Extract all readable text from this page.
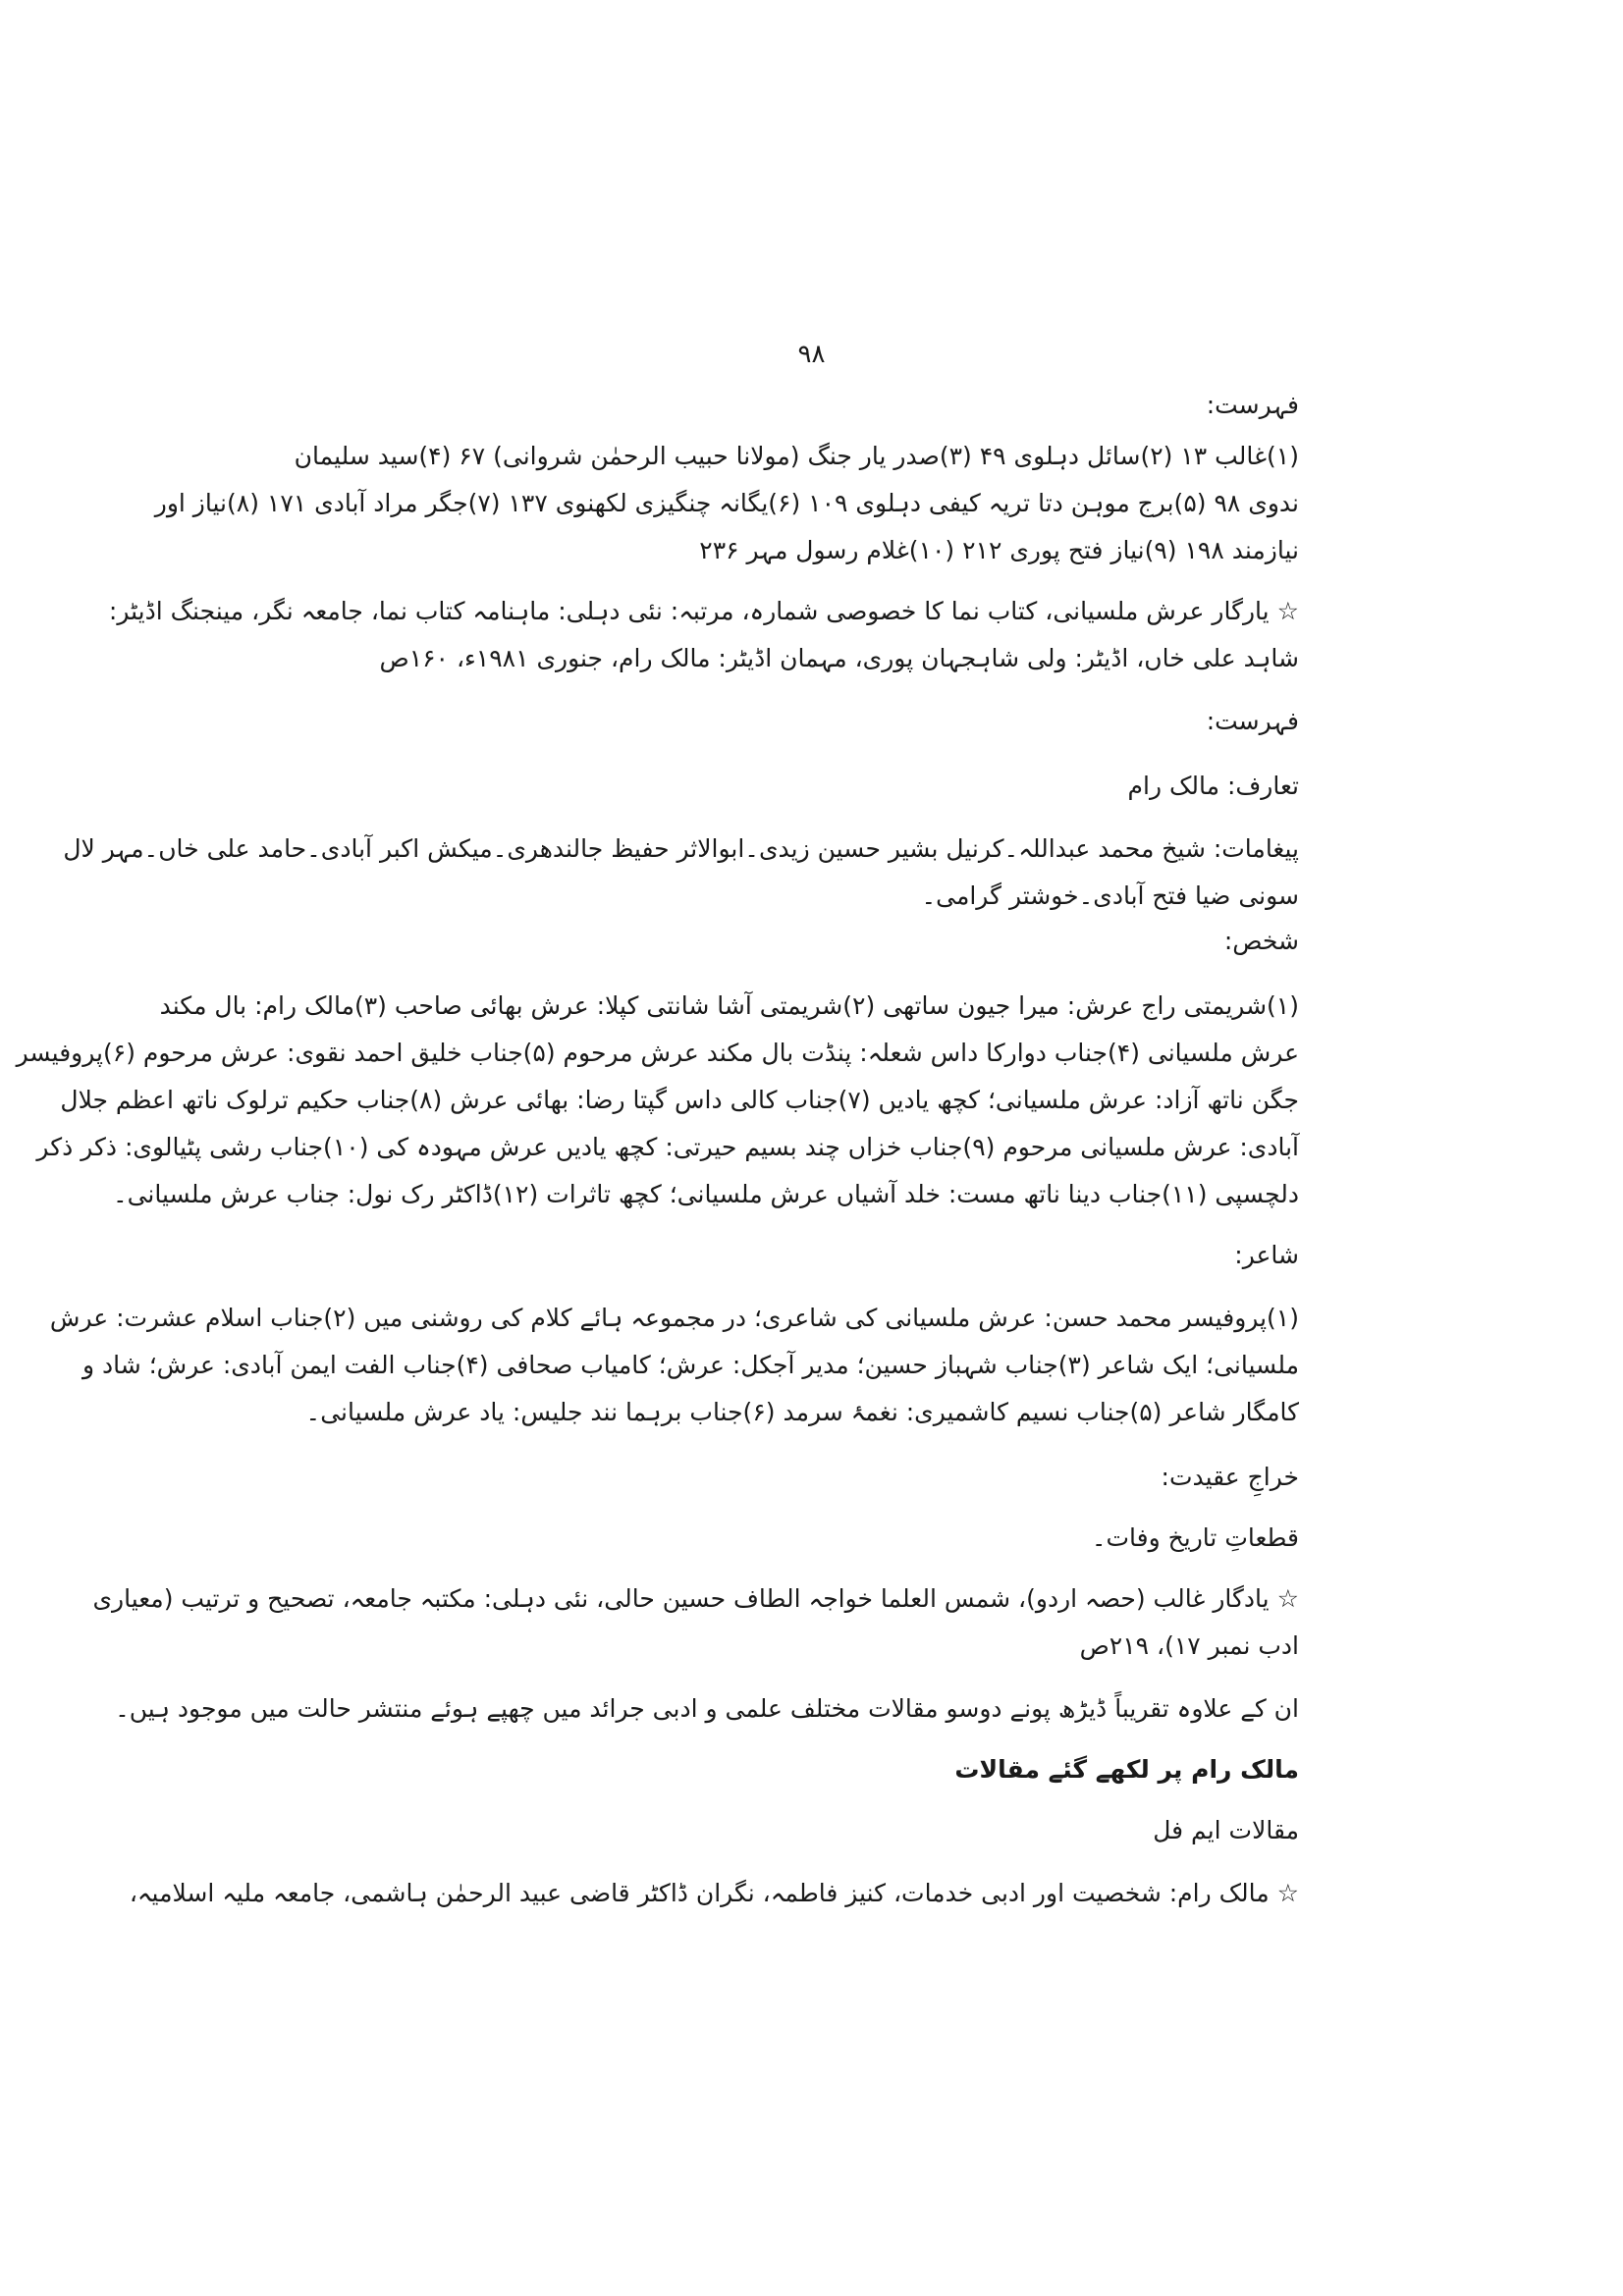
۹۸
فہرست:
(۱)غالب ۱۳ (۲)سائل دہلوی ۴۹ (۳)صدر یار جنگ (مولانا حبیب الرحمٰن شروانی) ۶۷ (۴)سید سلیمان
ندوی ۹۸ (۵)برج موہن دتا تریہ کیفی دہلوی ۱۰۹ (۶)یگانہ چنگیزی لکھنوی ۱۳۷ (۷)جگر مراد آبادی ۱۷۱ (۸)نیاز اور
نیازمند ۱۹۸ (۹)نیاز فتح پوری ۲۱۲ (۱۰)غلام رسول مہر ۲۳۶
☆ یارگار عرش ملسیانی، کتاب نما کا خصوصی شمارہ، مرتبہ: نئی دہلی: ماہنامہ کتاب نما، جامعہ نگر، مینجنگ اڈیٹر:
شاہد علی خاں، اڈیٹر: ولی شاہجہان پوری، مہمان اڈیٹر: مالک رام، جنوری ۱۹۸۱ء، ۱۶۰ص
فہرست:
تعارف: مالک رام
پیغامات: شیخ محمد عبداللہ۔کرنیل بشیر حسین زیدی۔ابوالاثر حفیظ جالندھری۔میکش اکبر آبادی۔حامد علی خاں۔مہر لال
سونی ضیا فتح آبادی۔خوشتر گرامی۔
شخص:
(۱)شریمتی راج عرش: میرا جیون ساتھی (۲)شریمتی آشا شانتی کپلا: عرش بھائی صاحب (۳)مالک رام: بال مکند
عرش ملسیانی (۴)جناب دوارکا داس شعلہ: پنڈت بال مکند عرش مرحوم (۵)جناب خلیق احمد نقوی: عرش مرحوم (۶)پروفیسر
جگن ناتھ آزاد: عرش ملسیانی؛ کچھ یادیں (۷)جناب کالی داس گپتا رضا: بھائی عرش (۸)جناب حکیم ترلوک ناتھ اعظم جلال
آبادی: عرش ملسیانی مرحوم (۹)جناب خزاں چند بسیم حیرتی: کچھ یادیں عرش مہودہ کی (۱۰)جناب رشی پٹیالوی: ذکر ذکر
دلچسپی (۱۱)جناب دینا ناتھ مست: خلد آشیاں عرش ملسیانی؛ کچھ تاثرات (۱۲)ڈاکٹر رک نول: جناب عرش ملسیانی۔
شاعر:
(۱)پروفیسر محمد حسن: عرش ملسیانی کی شاعری؛ در مجموعہ ہائے کلام کی روشنی میں (۲)جناب اسلام عشرت: عرش
ملسیانی؛ ایک شاعر (۳)جناب شہباز حسین؛ مدیر آجکل: عرش؛ کامیاب صحافی (۴)جناب الفت ایمن آبادی: عرش؛ شاد و
کامگار شاعر (۵)جناب نسیم کاشمیری: نغمۂ سرمد (۶)جناب برہما نند جلیس: یاد عرش ملسیانی۔
خراجِ عقیدت:
قطعاتِ تاریخ وفات۔
☆ یادگار غالب (حصہ اردو)، شمس العلما خواجہ الطاف حسین حالی، نئی دہلی: مکتبہ جامعہ، تصحیح و ترتیب (معیاری
ادب نمبر ۱۷)، ۲۱۹ص
ان کے علاوہ تقریباً ڈیڑھ پونے دوسو مقالات مختلف علمی و ادبی جرائد میں چھپے ہوئے منتشر حالت میں موجود ہیں۔
مالک رام پر لکھے گئے مقالات
مقالات ایم فل
☆ مالک رام: شخصیت اور ادبی خدمات، کنیز فاطمہ، نگران ڈاکٹر قاضی عبید الرحمٰن ہاشمی، جامعہ ملیہ اسلامیہ،
